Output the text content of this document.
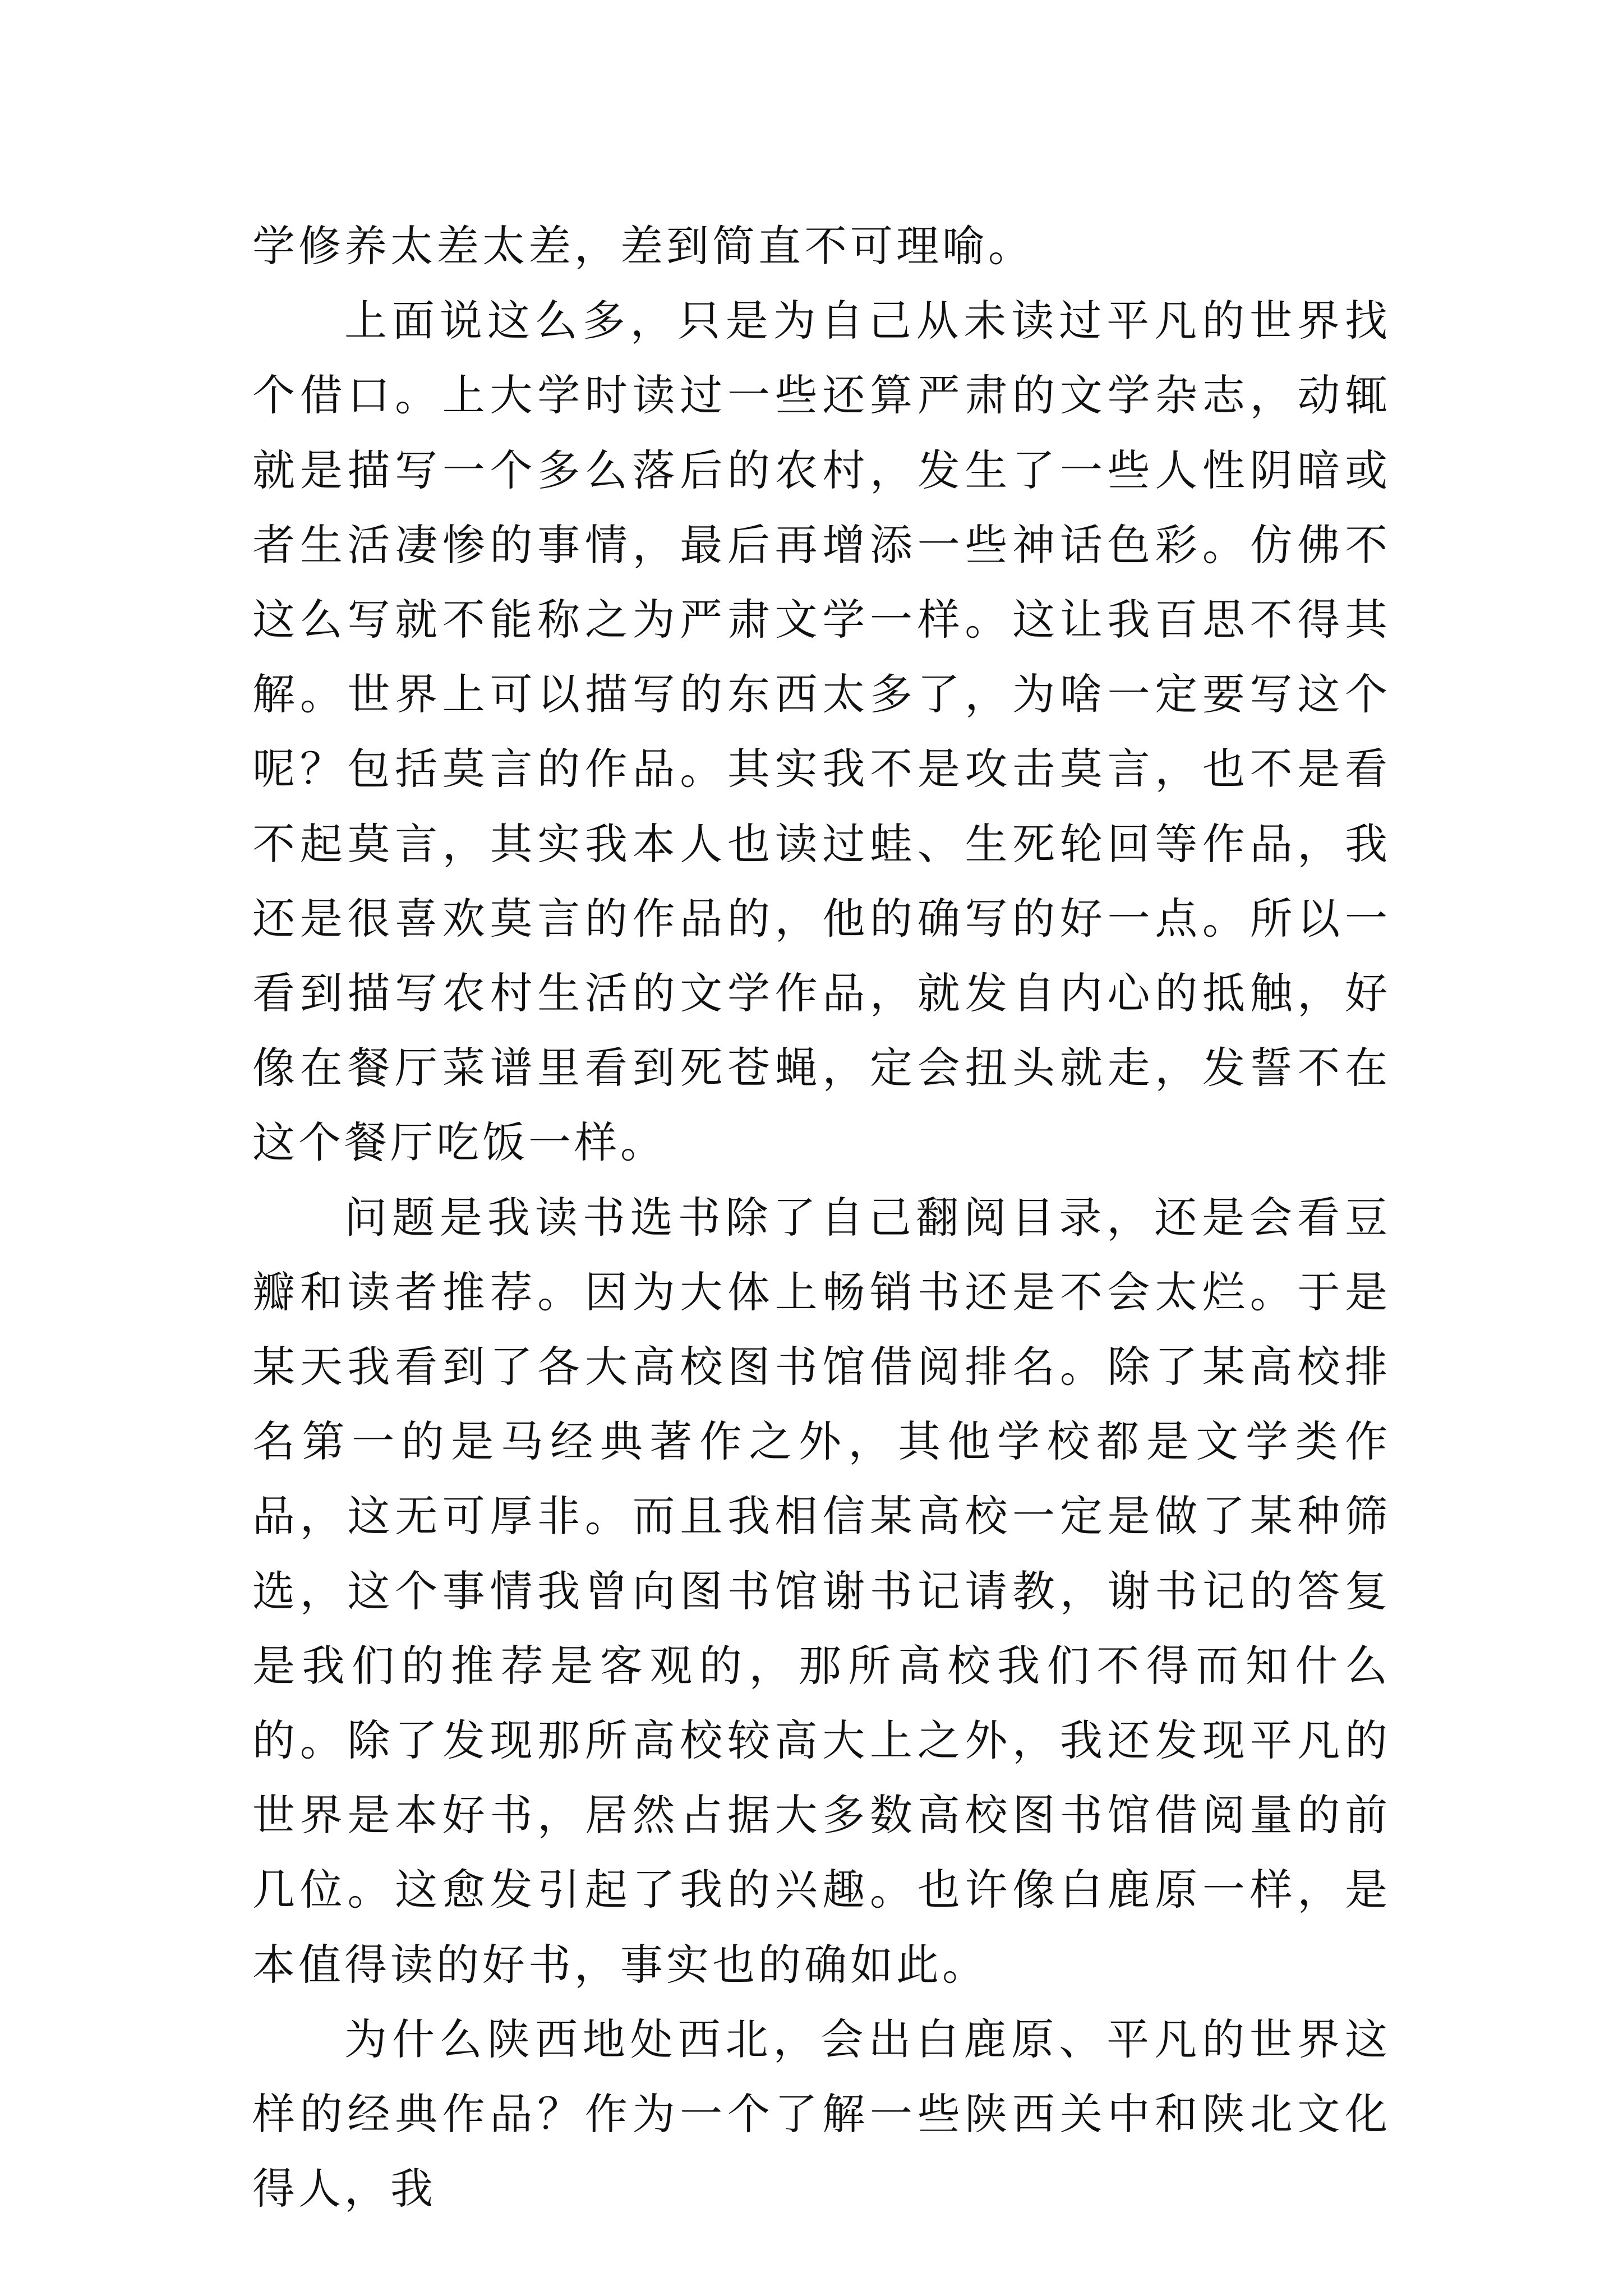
学修养太差太差，差到简直不可理喻。

上面说这么多，只是为自己从未读过平凡的世界找个借口。上大学时读过一些还算严肃的文学杂志，动辄就是描写一个多么落后的农村，发生了一些人性阴暗或者生活凄惨的事情，最后再增添一些神话色彩。仿佛不这么写就不能称之为严肃文学一样。这让我百思不得其解。世界上可以描写的东西太多了，为啥一定要写这个呢？包括莫言的作品。其实我不是攻击莫言，也不是看不起莫言，其实我本人也读过蛙、生死轮回等作品，我还是很喜欢莫言的作品的，他的确写的好一点。所以一看到描写农村生活的文学作品，就发自内心的抵触，好像在餐厅菜谱里看到死苍蝇，定会扭头就走，发誓不在这个餐厅吃饭一样。

问题是我读书选书除了自己翻阅目录，还是会看豆瓣和读者推荐。因为大体上畅销书还是不会太烂。于是某天我看到了各大高校图书馆借阅排名。除了某高校排名第一的是马经典著作之外，其他学校都是文学类作品，这无可厚非。而且我相信某高校一定是做了某种筛选，这个事情我曾向图书馆谢书记请教，谢书记的答复是我们的推荐是客观的，那所高校我们不得而知什么的。除了发现那所高校较高大上之外，我还发现平凡的世界是本好书，居然占据大多数高校图书馆借阅量的前几位。这愈发引起了我的兴趣。也许像白鹿原一样，是本值得读的好书，事实也的确如此。

为什么陕西地处西北，会出白鹿原、平凡的世界这样的经典作品？作为一个了解一些陕西关中和陕北文化得人，我
